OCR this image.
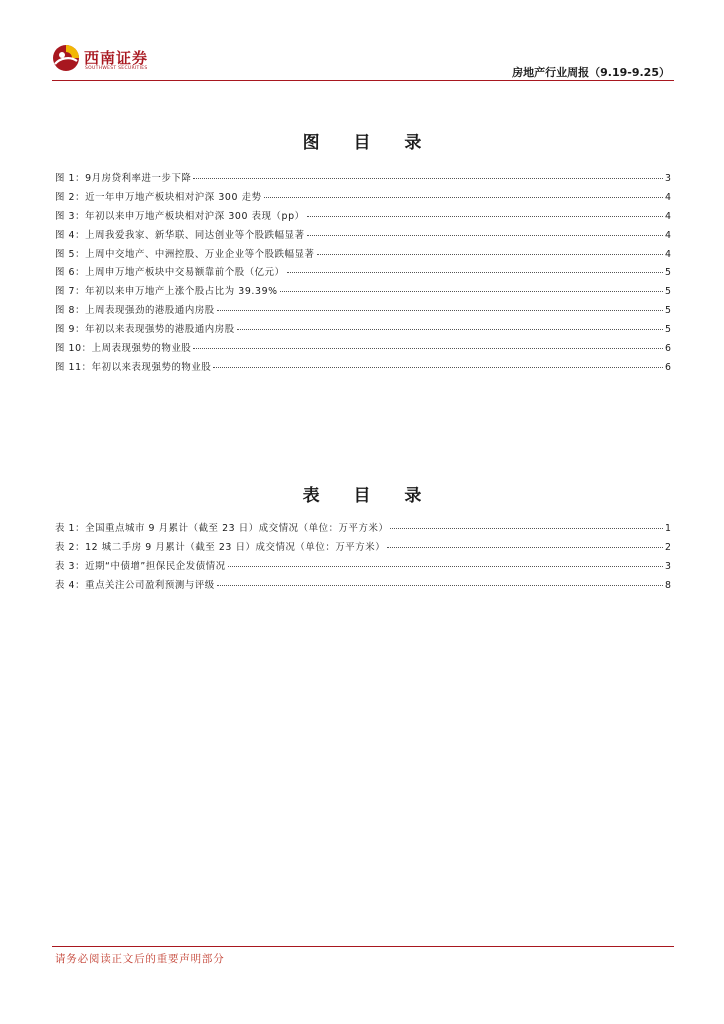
西南证券
SOUTHWEST SECURITIES	房地产行业周报（9.19-9.25）
图 目 录
图 1：9月房贷利率进一步下降	3
图 2：近一年申万地产板块相对沪深 300 走势	4
图 3：年初以来申万地产板块相对沪深 300 表现（pp）	4
图 4：上周我爱我家、新华联、同达创业等个股跌幅显著	4
图 5：上周中交地产、中洲控股、万业企业等个股跌幅显著	4
图 6：上周申万地产板块中交易额靠前个股（亿元）	5
图 7：年初以来申万地产上涨个股占比为 39.39%	5
图 8：上周表现强劲的港股通内房股	5
图 9：年初以来表现强势的港股通内房股	5
图 10：上周表现强势的物业股	6
图 11：年初以来表现强势的物业股	6
表 目 录
表 1：全国重点城市 9 月累计（截至 23 日）成交情况（单位：万平方米）	1
表 2：12 城二手房 9 月累计（截至 23 日）成交情况（单位：万平方米）	2
表 3：近期“中债增”担保民企发债情况	3
表 4：重点关注公司盈利预测与评级	8
请务必阅读正文后的重要声明部分
